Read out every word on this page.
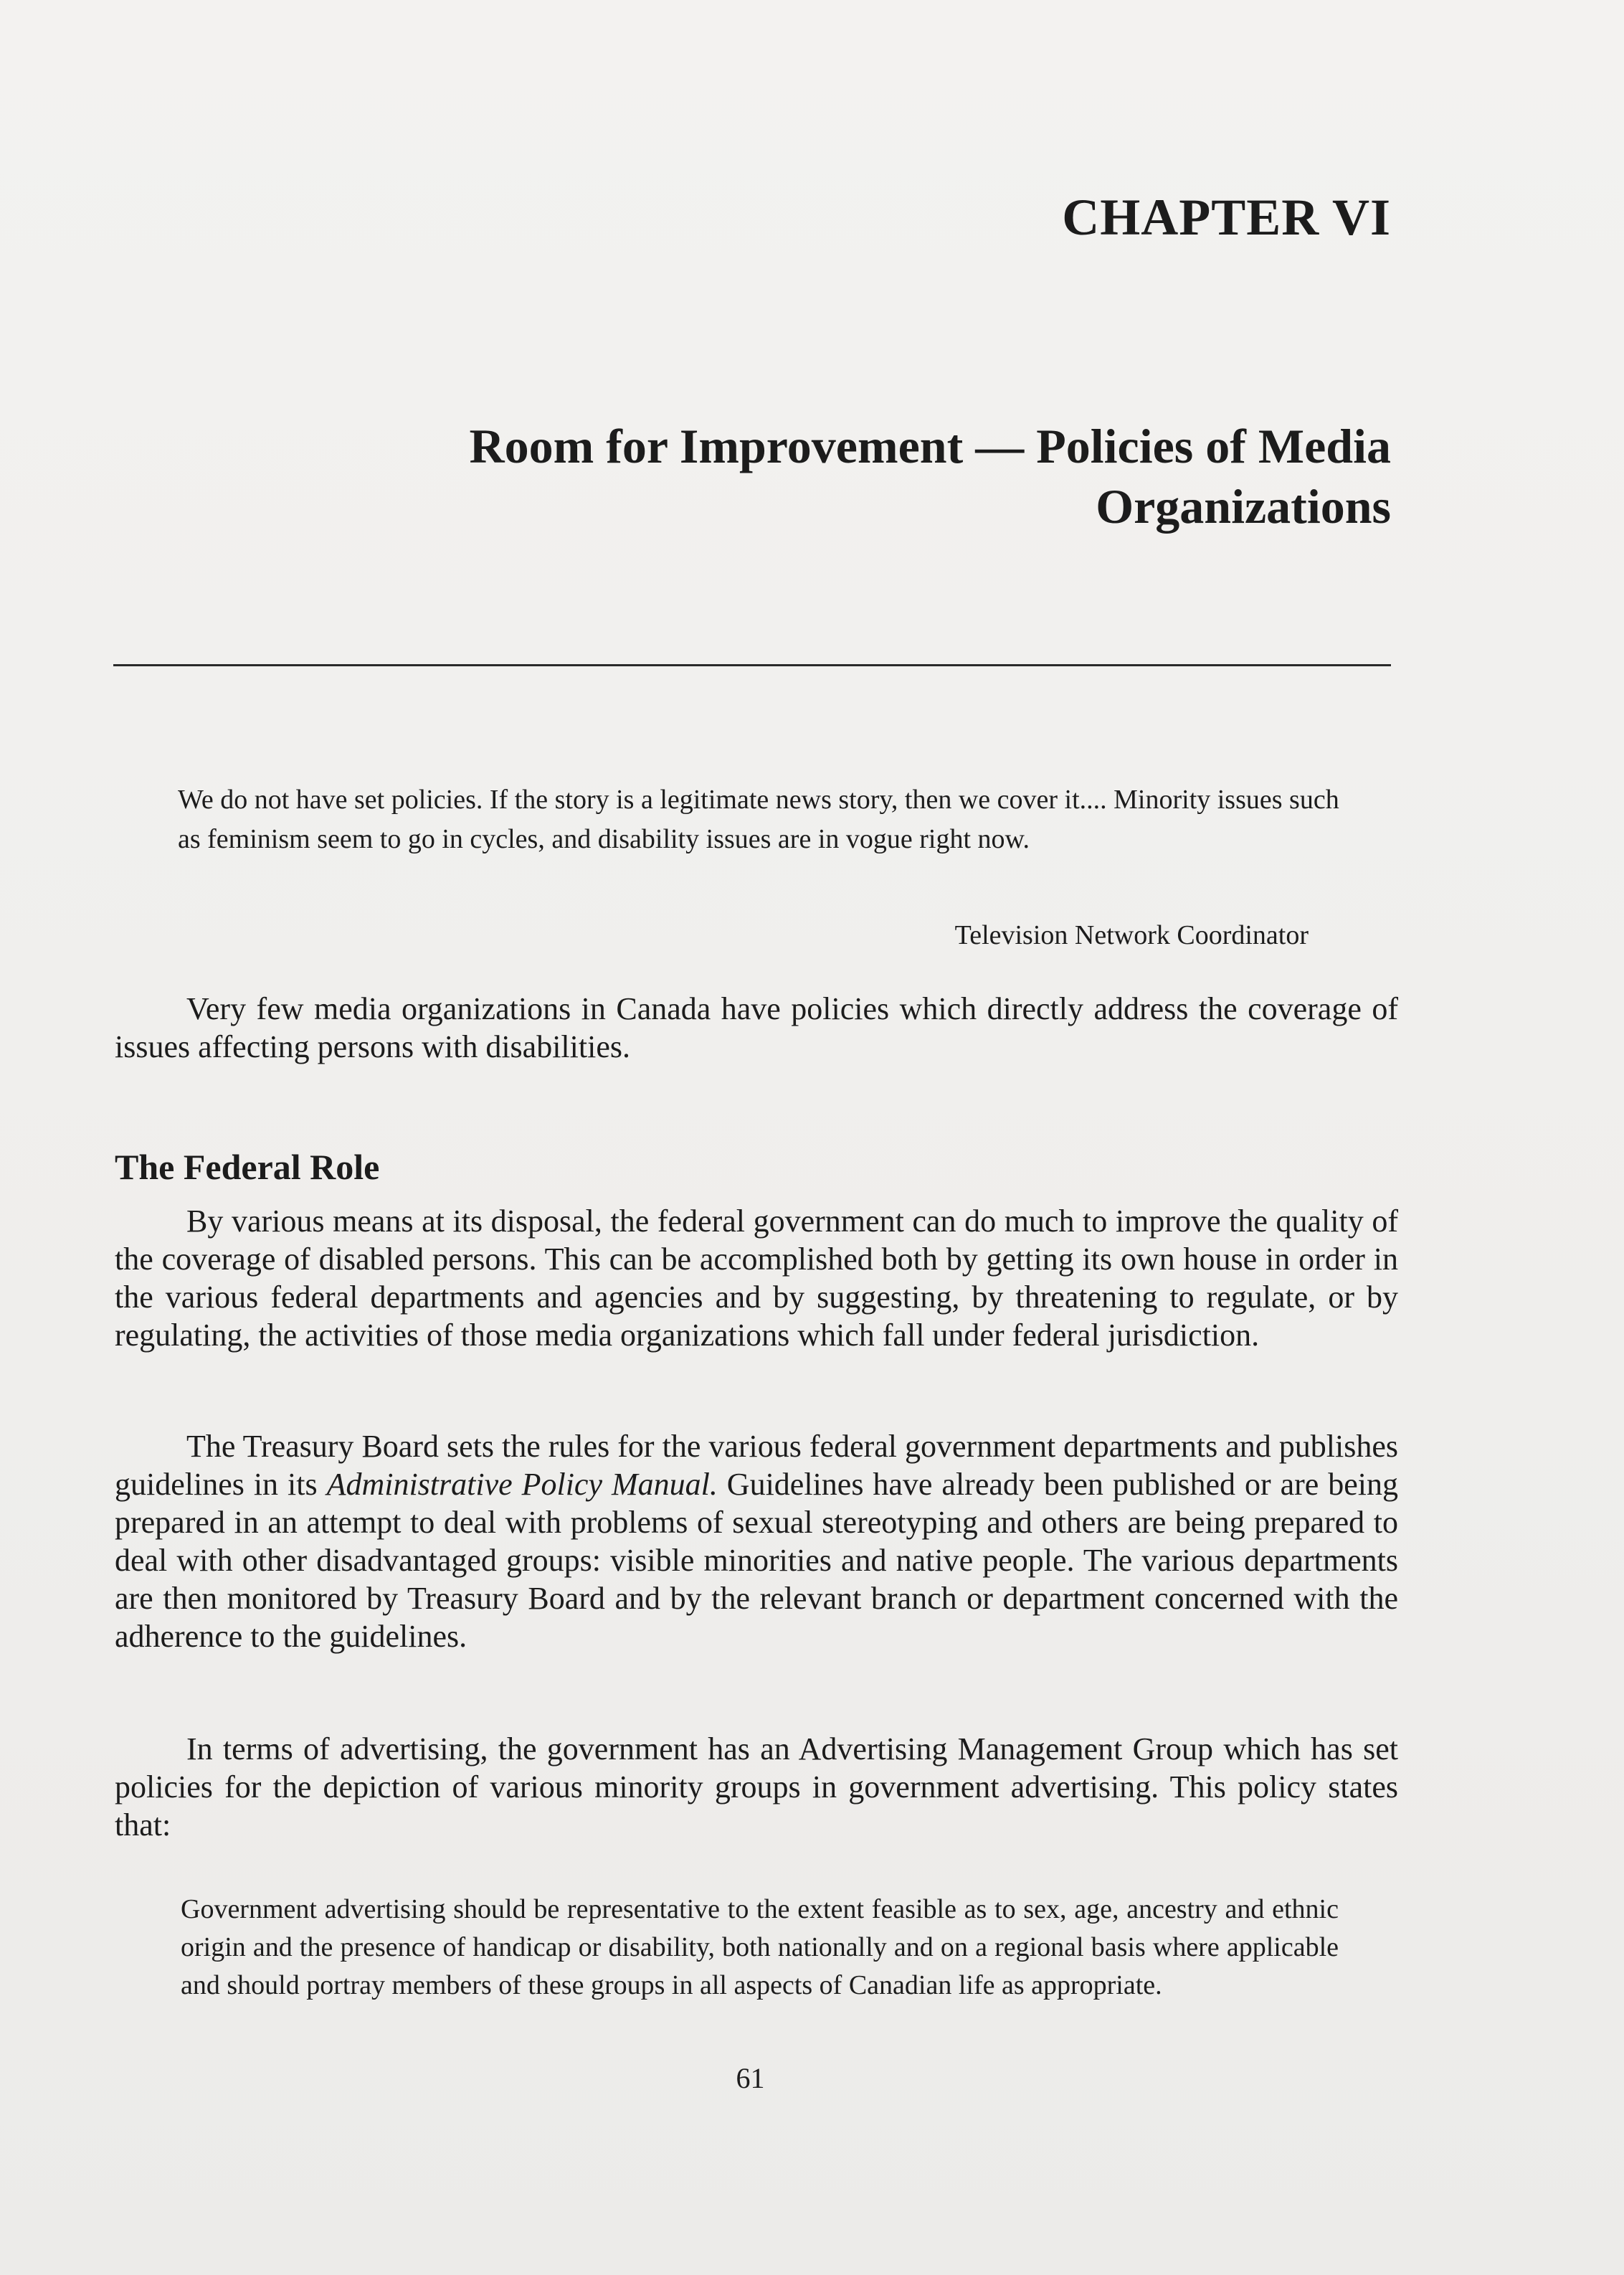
CHAPTER VI
Room for Improvement — Policies of Media Organizations

We do not have set policies. If the story is a legitimate news story, then we cover it.... Minority issues such as feminism seem to go in cycles, and disability issues are in vogue right now.

Television Network Coordinator

Very few media organizations in Canada have policies which directly address the coverage of issues affecting persons with disabilities.

The Federal Role

By various means at its disposal, the federal government can do much to improve the quality of the coverage of disabled persons. This can be accomplished both by getting its own house in order in the various federal departments and agencies and by suggesting, by threatening to regulate, or by regulating, the activities of those media organizations which fall under federal jurisdiction.

The Treasury Board sets the rules for the various federal government departments and publishes guidelines in its Administrative Policy Manual. Guidelines have already been published or are being prepared in an attempt to deal with problems of sexual stereotyping and others are being prepared to deal with other disadvantaged groups: visible minorities and native people. The various departments are then monitored by Treasury Board and by the relevant branch or department concerned with the adherence to the guidelines.

In terms of advertising, the government has an Advertising Management Group which has set policies for the depiction of various minority groups in government advertising. This policy states that:

Government advertising should be representative to the extent feasible as to sex, age, ancestry and ethnic origin and the presence of handicap or disability, both nationally and on a regional basis where applicable and should portray members of these groups in all aspects of Canadian life as appropriate.

61
